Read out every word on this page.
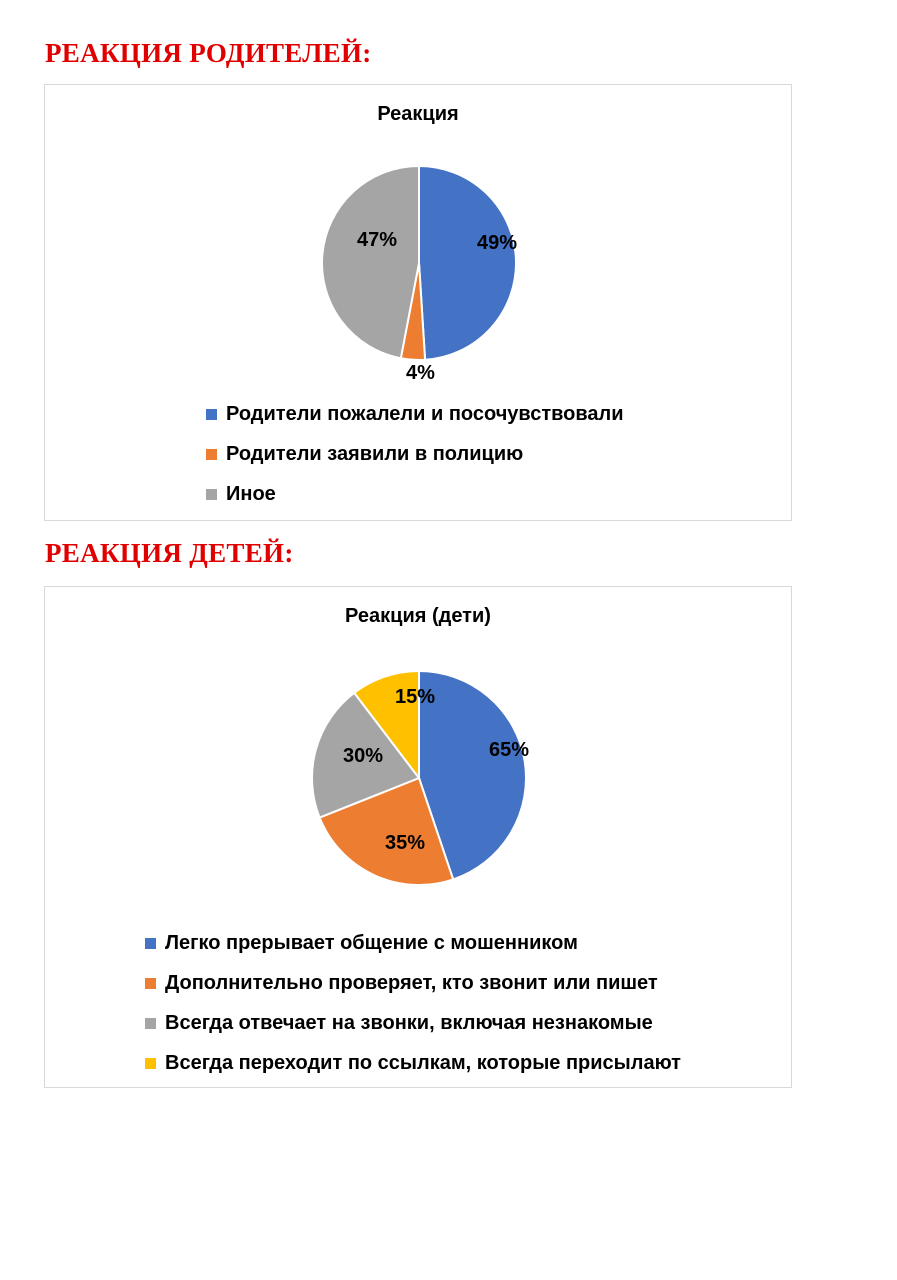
РЕАКЦИЯ РОДИТЕЛЕЙ:
Реакция
49%
4%
47%
Родители пожалели и посочувствовали
Родители заявили в полицию
Иное
РЕАКЦИЯ ДЕТЕЙ:
Реакция (дети)
65%
35%
30%
15%
Легко прерывает общение с мошенником
Дополнительно проверяет, кто звонит или пишет
Всегда отвечает на звонки, включая незнакомые
Всегда переходит по ссылкам, которые присылают
